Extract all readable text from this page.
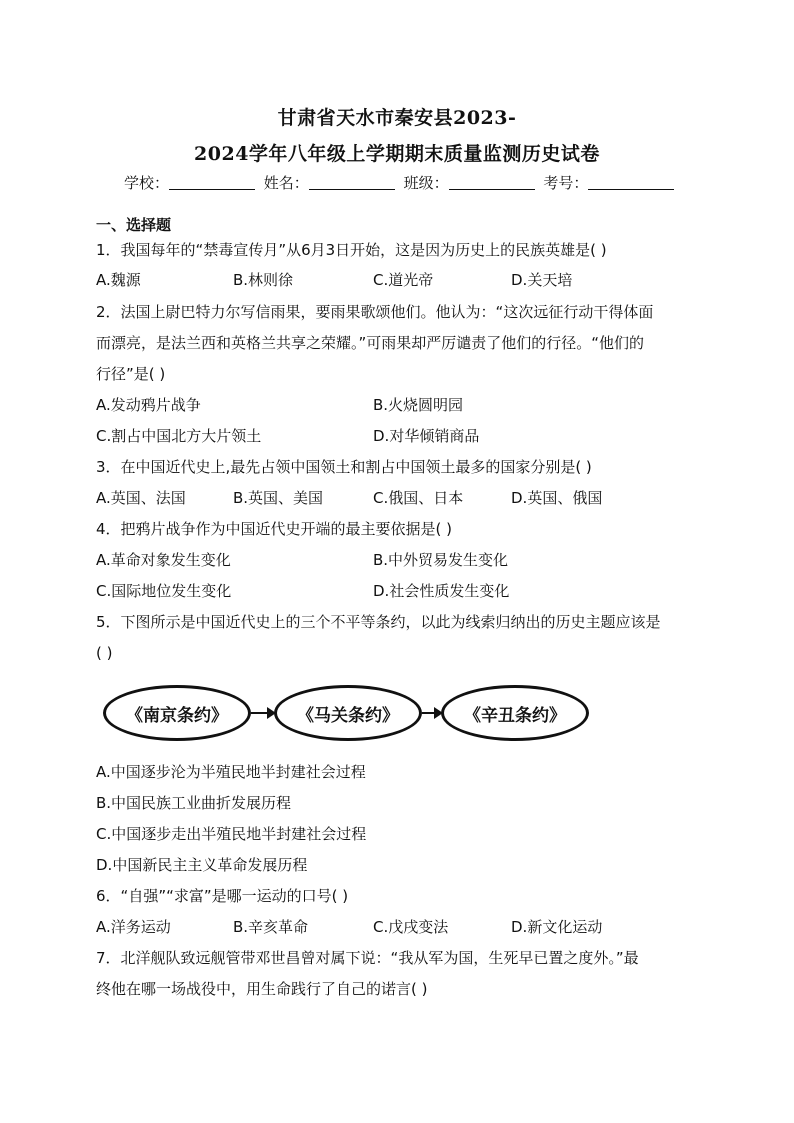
甘肃省天水市秦安县2023-
2024学年八年级上学期期末质量监测历史试卷
学校：	姓名：	班级：	考号：
一、选择题
1．我国每年的“禁毒宣传月”从6月3日开始，这是因为历史上的民族英雄是( )
A.魏源	B.林则徐	C.道光帝	D.关天培
2．法国上尉巴特力尔写信雨果，要雨果歌颂他们。他认为：“这次远征行动干得体面
而漂亮，是法兰西和英格兰共享之荣耀。”可雨果却严厉谴责了他们的行径。“他们的
行径”是( )
A.发动鸦片战争	B.火烧圆明园
C.割占中国北方大片领土	D.对华倾销商品
3．在中国近代史上,最先占领中国领土和割占中国领土最多的国家分别是( )
A.英国、法国	B.英国、美国	C.俄国、日本	D.英国、俄国
4．把鸦片战争作为中国近代史开端的最主要依据是( )
A.革命对象发生变化	B.中外贸易发生变化
C.国际地位发生变化	D.社会性质发生变化
5．下图所示是中国近代史上的三个不平等条约，以此为线索归纳出的历史主题应该是
( )
《南京条约》	《马关条约》	《辛丑条约》
A.中国逐步沦为半殖民地半封建社会过程
B.中国民族工业曲折发展历程
C.中国逐步走出半殖民地半封建社会过程
D.中国新民主主义革命发展历程
6．“自强”“求富”是哪一运动的口号( )
A.洋务运动	B.辛亥革命	C.戊戌变法	D.新文化运动
7．北洋舰队致远舰管带邓世昌曾对属下说：“我从军为国，生死早已置之度外。”最
终他在哪一场战役中，用生命践行了自己的诺言( )
